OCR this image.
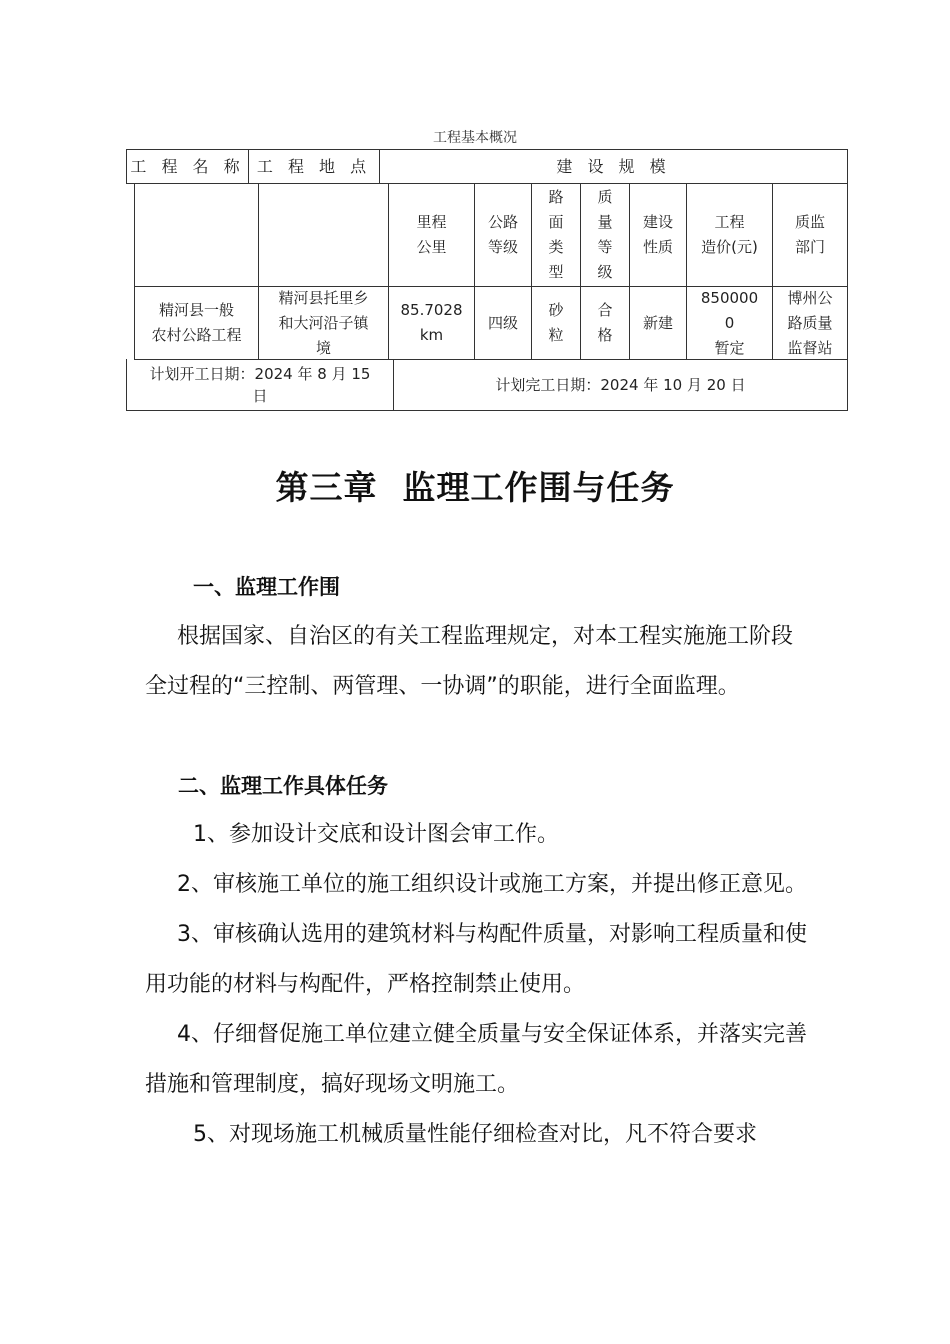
工程基本概况
工 程 名 称 工 程 地 点	建 设 规 模
里程
公里
公路
等级
路
面
类
型
质
量
等
级
建设
性质
工程
造价(元)
质监
部门
精河县一般
农村公路工程
精河县托里乡
和大河沿子镇
境
85.7028
km
四级
砂
粒
合
格
新建
850000
0
暂定
博州公
路质量
监督站
计划开工日期：2024 年 8 月 15
日
计划完工日期：2024 年 10 月 20 日
第三章  监理工作围与任务
一、监理工作围

根据国家、自治区的有关工程监理规定，对本工程实施施工阶段全过程的“三控制、两管理、一协调”的职能，进行全面监理。

二、监理工作具体任务

1、参加设计交底和设计图会审工作。

2、审核施工单位的施工组织设计或施工方案，并提出修正意见。

3、审核确认选用的建筑材料与构配件质量，对影响工程质量和使用功能的材料与构配件，严格控制禁止使用。

4、仔细督促施工单位建立健全质量与安全保证体系，并落实完善措施和管理制度，搞好现场文明施工。

5、对现场施工机械质量性能仔细检查对比，凡不符合要求
